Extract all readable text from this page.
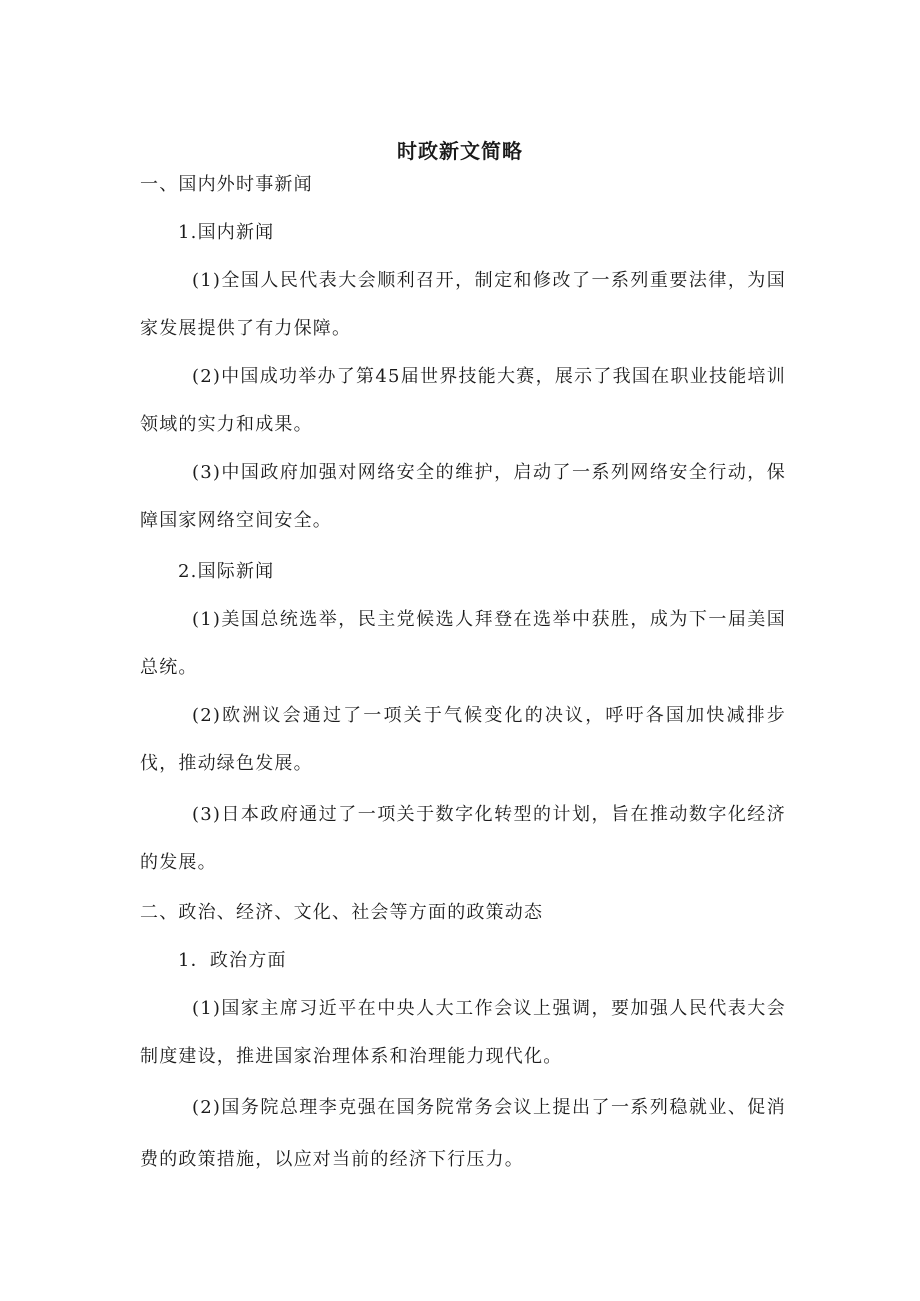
时政新文简略

一、国内外时事新闻

1.国内新闻

(1)全国人民代表大会顺利召开，制定和修改了一系列重要法律，为国家发展提供了有力保障。

(2)中国成功举办了第45届世界技能大赛，展示了我国在职业技能培训领域的实力和成果。

(3)中国政府加强对网络安全的维护，启动了一系列网络安全行动，保障国家网络空间安全。

2.国际新闻

(1)美国总统选举，民主党候选人拜登在选举中获胜，成为下一届美国总统。

(2)欧洲议会通过了一项关于气候变化的决议，呼吁各国加快减排步伐，推动绿色发展。

(3)日本政府通过了一项关于数字化转型的计划，旨在推动数字化经济的发展。

二、政治、经济、文化、社会等方面的政策动态

1．政治方面

(1)国家主席习近平在中央人大工作会议上强调，要加强人民代表大会制度建设，推进国家治理体系和治理能力现代化。

(2)国务院总理李克强在国务院常务会议上提出了一系列稳就业、促消费的政策措施，以应对当前的经济下行压力。
